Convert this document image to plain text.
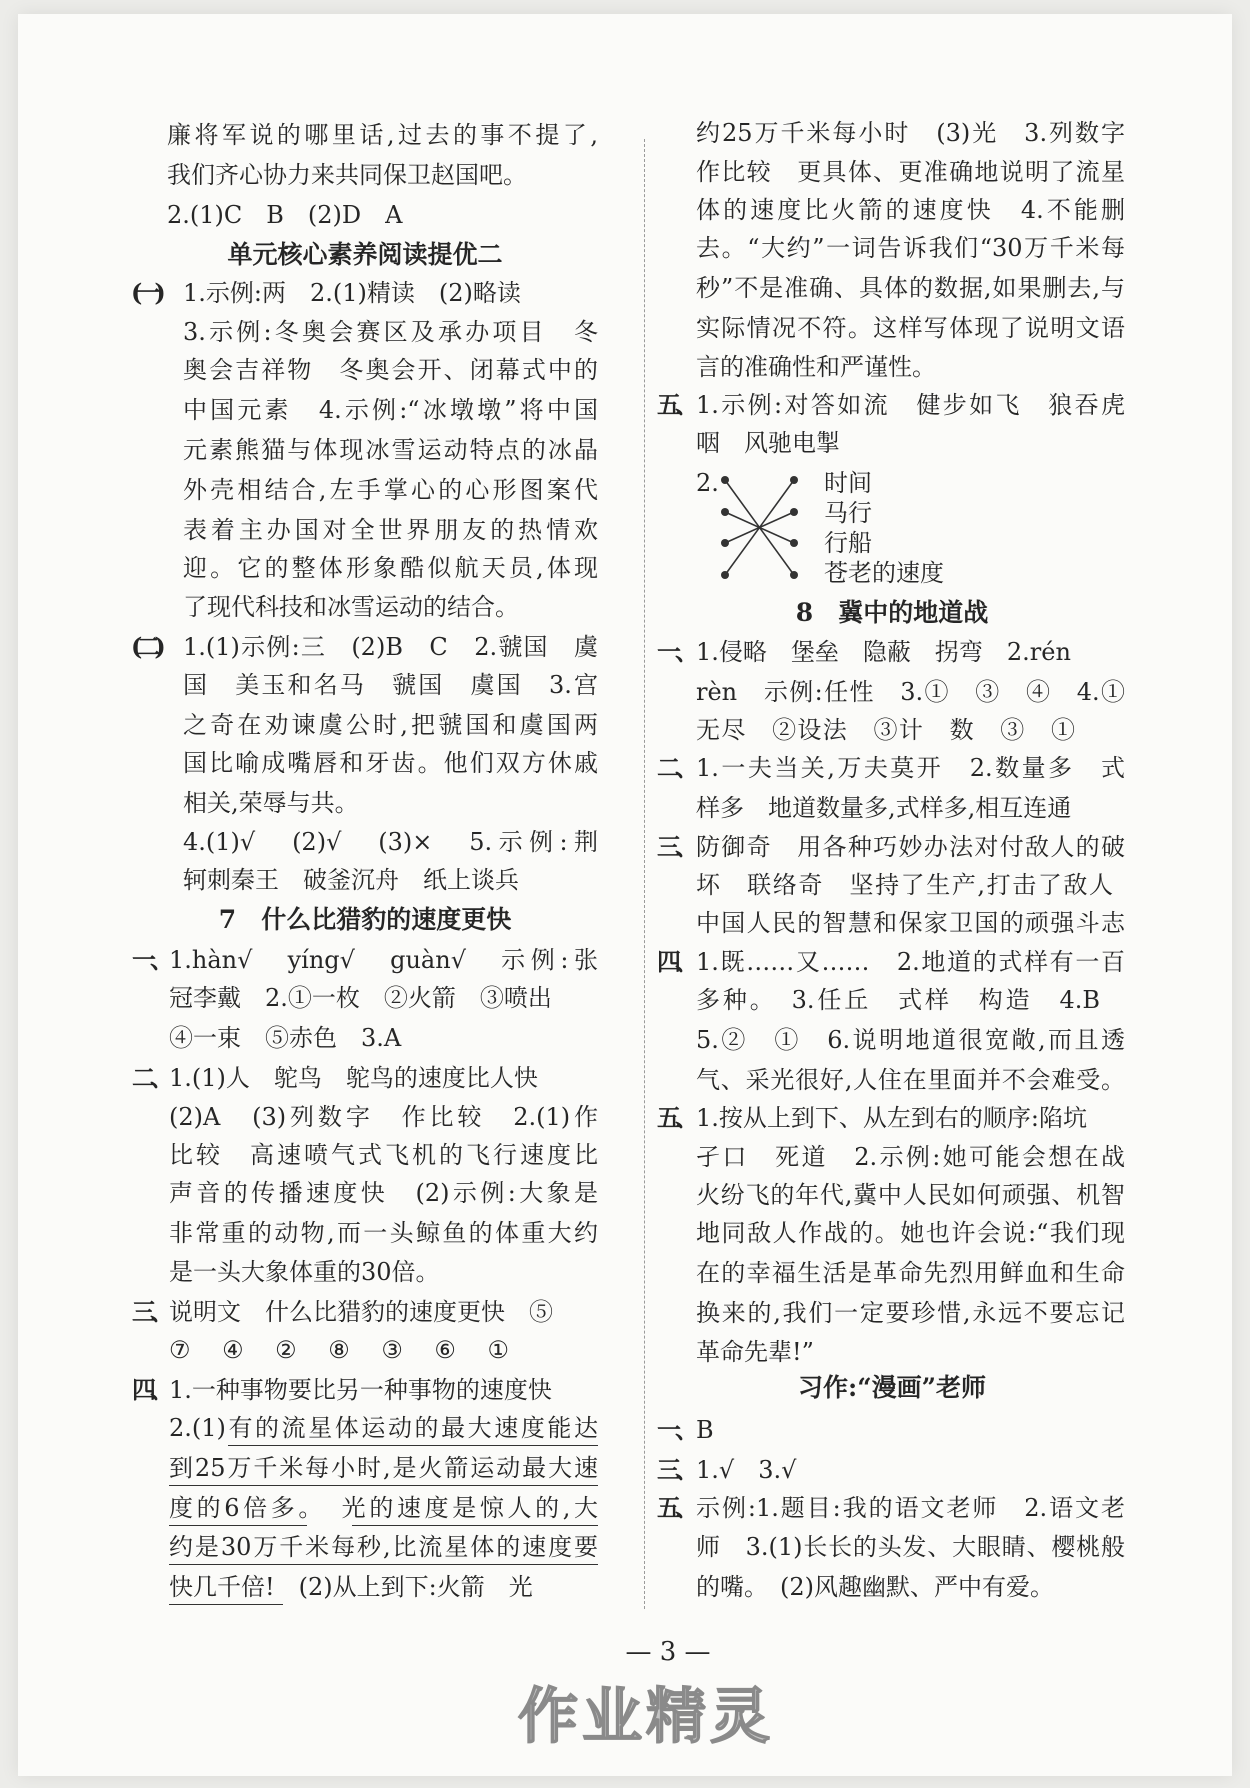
廉将军说的哪里话,过去的事不提了,
我们齐心协力来共同保卫赵国吧。
2.(1)C　B　(2)D　A
单元核心素养阅读提优二
(一) 1.示例:两　2.(1)精读　(2)略读
3.示例:冬奥会赛区及承办项目　冬
奥会吉祥物　冬奥会开、闭幕式中的
中国元素　4.示例:“冰墩墩”将中国
元素熊猫与体现冰雪运动特点的冰晶
外壳相结合,左手掌心的心形图案代
表着主办国对全世界朋友的热情欢
迎。它的整体形象酷似航天员,体现
了现代科技和冰雪运动的结合。
(二) 1.(1)示例:三　(2)B　C　2.虢国　虞
国　美玉和名马　虢国　虞国　3.宫
之奇在劝谏虞公时,把虢国和虞国两
国比喻成嘴唇和牙齿。他们双方休戚
相关,荣辱与共。
4.(1)√　(2)√　(3)×　5.示例:荆
轲刺秦王　破釜沉舟　纸上谈兵
7　什么比猎豹的速度更快
一、 1.hàn√　yíng√　guàn√　示例:张
冠李戴　2.①一枚　②火箭　③喷出
④一束　⑤赤色　3.A
二、 1.(1)人　鸵鸟　鸵鸟的速度比人快
(2)A　(3)列数字　作比较　2.(1)作
比较　高速喷气式飞机的飞行速度比
声音的传播速度快　(2)示例:大象是
非常重的动物,而一头鲸鱼的体重大约
是一头大象体重的30倍。
三、 说明文　什么比猎豹的速度更快　⑤
⑦　④　②　⑧　③　⑥　①
四、 1.一种事物要比另一种事物的速度快
2.(1)有的流星体运动的最大速度能达
到25万千米每小时,是火箭运动最大速
度的6倍多。　光的速度是惊人的,大
约是30万千米每秒,比流星体的速度要
快几千倍!　(2)从上到下:火箭　光
约25万千米每小时　(3)光　3.列数字
作比较　更具体、更准确地说明了流星
体的速度比火箭的速度快　4.不能删
去。“大约”一词告诉我们“30万千米每
秒”不是准确、具体的数据,如果删去,与
实际情况不符。这样写体现了说明文语
言的准确性和严谨性。
五、 1.示例:对答如流　健步如飞　狼吞虎
咽　风驰电掣
2.
8　冀中的地道战
一、 1.侵略　堡垒　隐蔽　拐弯　2.rén
rèn　示例:任性　3.①　③　④　4.①
无尽　②设法　③计　数　③　①
二、 1.一夫当关,万夫莫开　2.数量多　式
样多　地道数量多,式样多,相互连通
三、 防御奇　用各种巧妙办法对付敌人的破
坏　联络奇　坚持了生产,打击了敌人
中国人民的智慧和保家卫国的顽强斗志
四、 1.既……又……　2.地道的式样有一百
多种。　3.任丘　式样　构造　4.B
5.②　①　6.说明地道很宽敞,而且透
气、采光很好,人住在里面并不会难受。
五、 1.按从上到下、从左到右的顺序:陷坑
孑口　死道　2.示例:她可能会想在战
火纷飞的年代,冀中人民如何顽强、机智
地同敌人作战的。她也许会说:“我们现
在的幸福生活是革命先烈用鲜血和生命
换来的,我们一定要珍惜,永远不要忘记
革命先辈!”
习作:“漫画”老师
一、 B
三、 1.√　3.√
五、 示例:1.题目:我的语文老师　2.语文老
师　3.(1)长长的头发、大眼睛、樱桃般
的嘴。　(2)风趣幽默、严中有爱。
时间
马行
行船
苍老的速度
— 3 —
作业精灵
